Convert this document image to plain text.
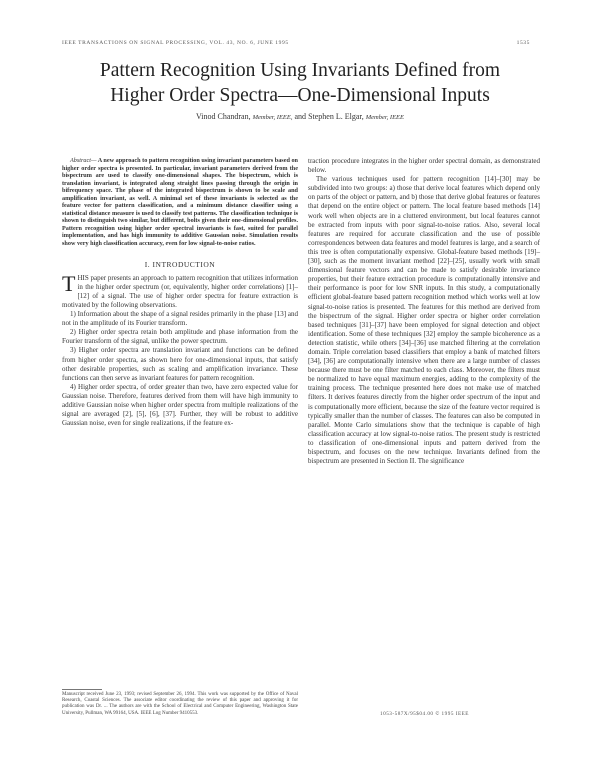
IEEE TRANSACTIONS ON SIGNAL PROCESSING, VOL. 43, NO. 6, JUNE 1995	1535
Pattern Recognition Using Invariants Defined from
Higher Order Spectra—One-Dimensional Inputs
Vinod Chandran, Member, IEEE, and Stephen L. Elgar, Member, IEEE

Abstract— A new approach to pattern recognition using invariant parameters based on higher order spectra is presented. In particular, invariant parameters derived from the bispectrum are used to classify one-dimensional shapes. The bispectrum, which is translation invariant, is integrated along straight lines passing through the origin in bifrequency space. The phase of the integrated bispectrum is shown to be scale and amplification invariant, as well. A minimal set of these invariants is selected as the feature vector for pattern classification, and a minimum distance classifier using a statistical distance measure is used to classify test patterns. The classification technique is shown to distinguish two similar, but different, bolts given their one-dimensional profiles. Pattern recognition using higher order spectral invariants is fast, suited for parallel implementation, and has high immunity to additive Gaussian noise. Simulation results show very high classification accuracy, even for low signal-to-noise ratios.

I. INTRODUCTION

T HIS paper presents an approach to pattern recognition that utilizes information in the higher order spectrum (or, equivalently, higher order correlations) [1]–[12] of a signal. The use of higher order spectra for feature extraction is motivated by the following observations.

1) Information about the shape of a signal resides primarily in the phase [13] and not in the amplitude of its Fourier transform.

2) Higher order spectra retain both amplitude and phase information from the Fourier transform of the signal, unlike the power spectrum.

3) Higher order spectra are translation invariant and functions can be defined from higher order spectra, as shown here for one-dimensional inputs, that satisfy other desirable properties, such as scaling and amplification invariance. These functions can then serve as invariant features for pattern recognition.

4) Higher order spectra, of order greater than two, have zero expected value for Gaussian noise. Therefore, features derived from them will have high immunity to additive Gaussian noise when higher order spectra from multiple realizations of the signal are averaged [2], [5], [6], [37]. Further, they will be robust to additive Gaussian noise, even for single realizations, if the feature ex-

traction procedure integrates in the higher order spectral domain, as demonstrated below.

The various techniques used for pattern recognition [14]–[30] may be subdivided into two groups: a) those that derive local features which depend only on parts of the object or pattern, and b) those that derive global features or features that depend on the entire object or pattern. The local feature based methods [14] work well when objects are in a cluttered environment, but local features cannot be extracted from inputs with poor signal-to-noise ratios. Also, several local features are required for accurate classification and the use of possible correspondences between data features and model features is large, and a search of this tree is often computationally expensive. Global-feature based methods [19]–[30], such as the moment invariant method [22]–[25], usually work with small dimensional feature vectors and can be made to satisfy desirable invariance properties, but their feature extraction procedure is computationally intensive and their performance is poor for low SNR inputs. In this study, a computationally efficient global-feature based pattern recognition method which works well at low signal-to-noise ratios is presented. The features for this method are derived from the bispectrum of the signal. Higher order spectra or higher order correlation based techniques [31]–[37] have been employed for signal detection and object identification. Some of these techniques [32] employ the sample bicoherence as a detection statistic, while others [34]–[36] use matched filtering at the correlation domain. Triple correlation based classifiers that employ a bank of matched filters [34], [36] are computationally intensive when there are a large number of classes because there must be one filter matched to each class. Moreover, the filters must be normalized to have equal maximum energies, adding to the complexity of the training process. The technique presented here does not make use of matched filters. It derives features directly from the higher order spectrum of the input and is computationally more efficient, because the size of the feature vector required is typically smaller than the number of classes. The features can also be computed in parallel. Monte Carlo simulations show that the technique is capable of high classification accuracy at low signal-to-noise ratios. The present study is restricted to classification of one-dimensional inputs and pattern derived from the bispectrum, and focuses on the new technique. Invariants defined from the bispectrum are presented in Section II. The significance

Manuscript received June 23, 1993; revised September 26, 1994. This work was supported by the Office of Naval Research, Coastal Sciences. The associate editor coordinating the review of this paper and approving it for publication was Dr. ... The authors are with the School of Electrical and Computer Engineering, Washington State University, Pullman, WA 99164, USA. IEEE Log Number 9410553.	1053-587X/95$04.00 © 1995 IEEE
